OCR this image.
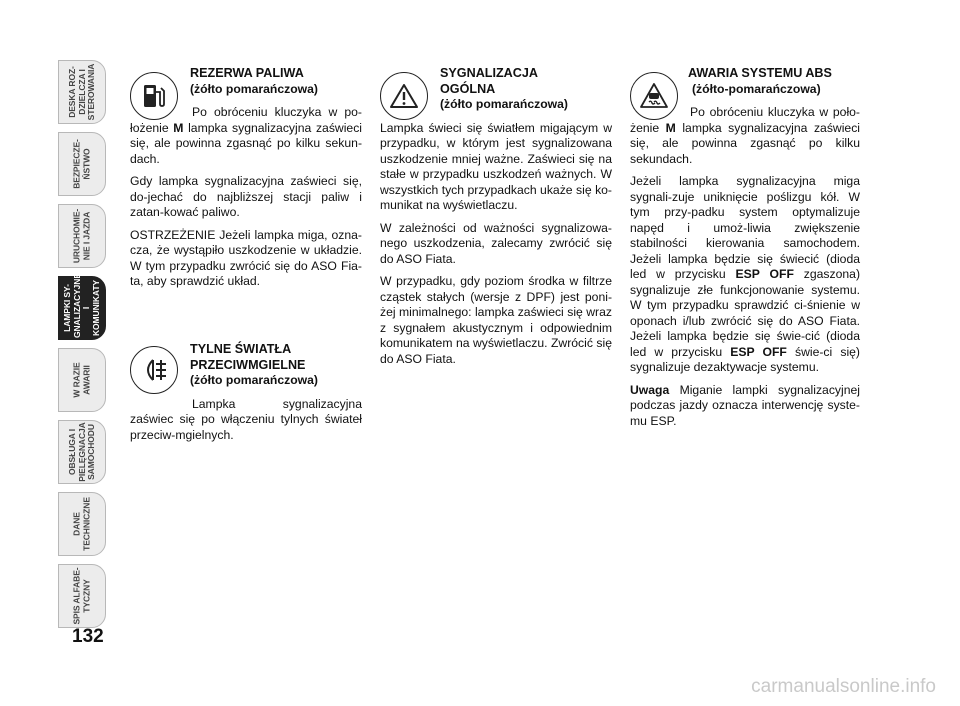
DESKA ROZ-
DZIELCZA I
STEROWANIA
BEZPIECZE-
ŃSTWO
URUCHOMIE-
NIE I JAZDA
LAMPKI SY-
GNALIZACYJNE
I KOMUNIKATY
W RAZIE
AWARII
OBSŁUGA I
PIELĘGNACJA
SAMOCHODU
DANE
TECHNICZNE
SPIS ALFABE-
TYCZNY
132
REZERWA PALIWA
(żółto pomarańczowa)

Po obróceniu kluczyka w po-łożenie M lampka sygnalizacyjna zaświeci się, ale powinna zgasnąć po kilku sekun-dach.

Gdy lampka sygnalizacyjna zaświeci się, do-jechać do najbliższej stacji paliw i zatan-kować paliwo.

OSTRZEŻENIE Jeżeli lampka miga, ozna-cza, że wystąpiło uszkodzenie w układzie. W tym przypadku zwrócić się do ASO Fia-ta, aby sprawdzić układ.

TYLNE ŚWIATŁA
PRZECIWMGIELNE
(żółto pomarańczowa)

Lampka sygnalizacyjna zaświec się po włączeniu tylnych świateł przeciw-mgielnych.

SYGNALIZACJA
OGÓLNA
(żółto pomarańczowa)

Lampka świeci się światłem migającym w przypadku, w którym jest sygnalizowana uszkodzenie mniej ważne. Zaświeci się na stałe w przypadku uszkodzeń ważnych. W wszystkich tych przypadkach ukaże się ko-munikat na wyświetlaczu.

W zależności od ważności sygnalizowa-nego uszkodzenia, zalecamy zwrócić się do ASO Fiata.

W przypadku, gdy poziom środka w filtrze cząstek stałych (wersje z DPF) jest poni-żej minimalnego: lampka zaświeci się wraz z sygnałem akustycznym i odpowiednim komunikatem na wyświetlaczu. Zwrócić się do ASO Fiata.

AWARIA SYSTEMU ABS
(żółto-pomarańczowa)

Po obróceniu kluczyka w poło-żenie M lampka sygnalizacyjna zaświeci się, ale powinna zgasnąć po kilku sekundach.

Jeżeli lampka sygnalizacyjna miga sygnali-zuje uniknięcie poślizgu kół. W tym przy-padku system optymalizuje napęd i umoż-liwia zwiększenie stabilności kierowania samochodem. Jeżeli lampka będzie się świecić (dioda led w przycisku ESP OFF zgaszona) sygnalizuje złe funkcjonowanie systemu. W tym przypadku sprawdzić ci-śnienie w oponach i/lub zwrócić się do ASO Fiata. Jeżeli lampka będzie się świe-cić (dioda led w przycisku ESP OFF świe-ci się) sygnalizuje dezaktywacje systemu.

Uwaga Miganie lampki sygnalizacyjnej podczas jazdy oznacza interwencję syste-mu ESP.

carmanualsonline.info
